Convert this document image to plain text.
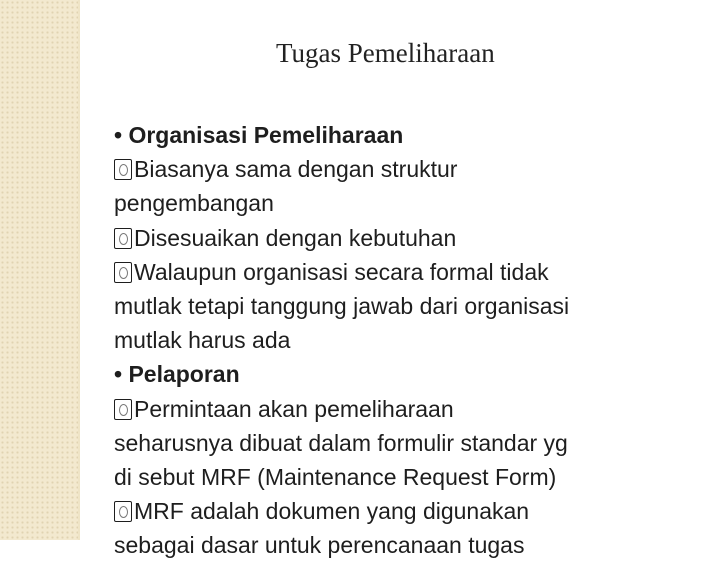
Tugas Pemeliharaan
• Organisasi Pemeliharaan
Biasanya sama dengan struktur
pengembangan
Disesuaikan dengan kebutuhan
Walaupun organisasi secara formal tidak
mutlak tetapi tanggung jawab dari organisasi
mutlak harus ada
• Pelaporan
Permintaan akan pemeliharaan
seharusnya dibuat dalam formulir standar yg
di sebut MRF (Maintenance Request Form)
MRF adalah dokumen yang digunakan
sebagai dasar untuk perencanaan tugas
